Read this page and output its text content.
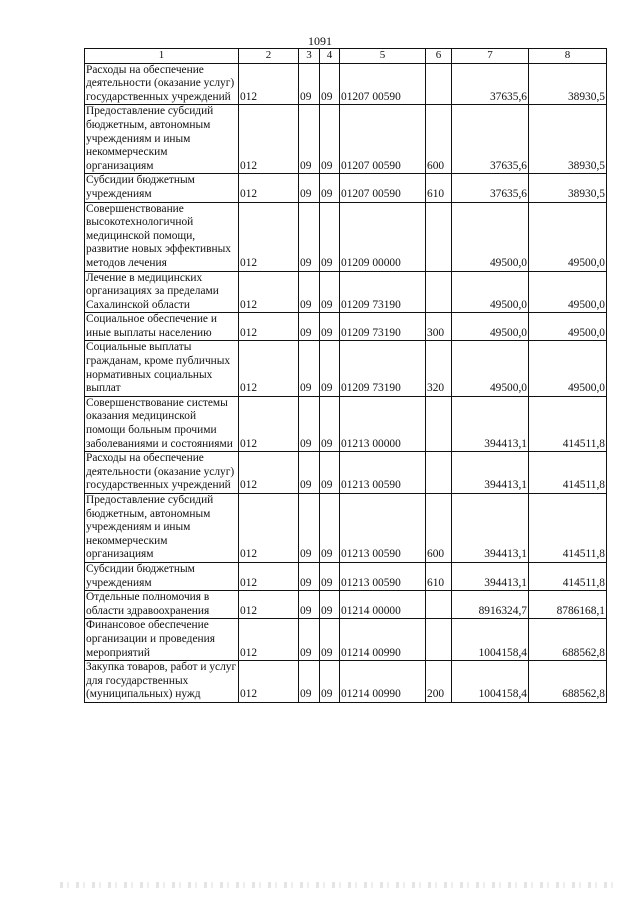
1091
1	2	3	4	5	6	7	8
Расходы на обеспечение деятельности (оказание услуг) государственных учреждений	012	09	09	01207 00590		37635,6	38930,5
Предоставление субсидий бюджетным, автономным учреждениям и иным некоммерческим организациям	012	09	09	01207 00590	600	37635,6	38930,5
Субсидии бюджетным учреждениям	012	09	09	01207 00590	610	37635,6	38930,5
Совершенствование высокотехнологичной медицинской помощи, развитие новых эффективных методов лечения	012	09	09	01209 00000		49500,0	49500,0
Лечение в медицинских организациях за пределами Сахалинской области	012	09	09	01209 73190		49500,0	49500,0
Социальное обеспечение и иные выплаты населению	012	09	09	01209 73190	300	49500,0	49500,0
Социальные выплаты гражданам, кроме публичных нормативных социальных выплат	012	09	09	01209 73190	320	49500,0	49500,0
Совершенствование системы оказания медицинской помощи больным прочими заболеваниями и состояниями	012	09	09	01213 00000		394413,1	414511,8
Расходы на обеспечение деятельности (оказание услуг) государственных учреждений	012	09	09	01213 00590		394413,1	414511,8
Предоставление субсидий бюджетным, автономным учреждениям и иным некоммерческим организациям	012	09	09	01213 00590	600	394413,1	414511,8
Субсидии бюджетным учреждениям	012	09	09	01213 00590	610	394413,1	414511,8
Отдельные полномочия в области здравоохранения	012	09	09	01214 00000		8916324,7	8786168,1
Финансовое обеспечение организации и проведения мероприятий	012	09	09	01214 00990		1004158,4	688562,8
Закупка товаров, работ и услуг для государственных (муниципальных) нужд	012	09	09	01214 00990	200	1004158,4	688562,8
